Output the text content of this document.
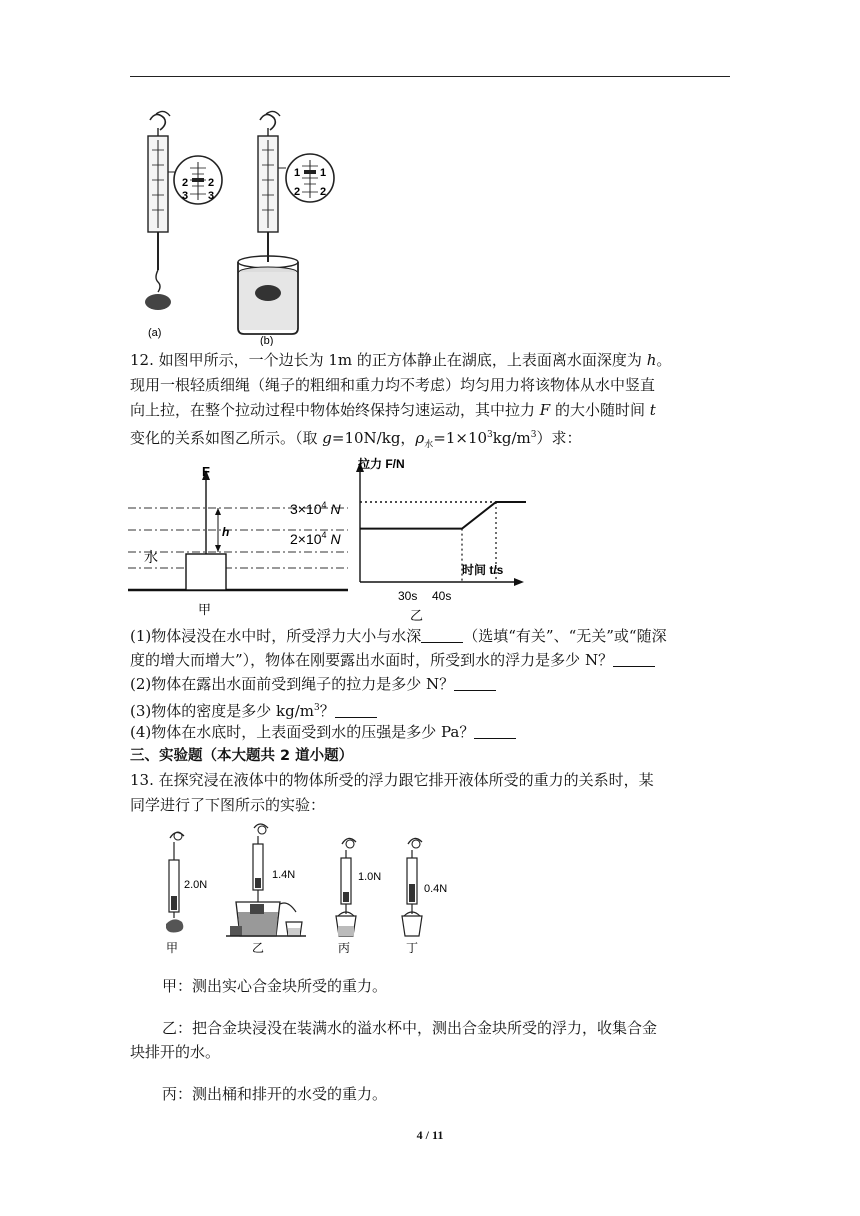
2 2
3 3
(a)
1 1
2 2
(b)
12. 如图甲所示，一个边长为 1m 的正方体静止在湖底，上表面离水面深度为 h。
现用一根轻质细绳（绳子的粗细和重力均不考虑）均匀用力将该物体从水中竖直
向上拉，在整个拉动过程中物体始终保持匀速运动，其中拉力 F 的大小随时间 t
变化的关系如图乙所示。（取 g=10N/kg，$\rho_水=1\times 10^3kg/m^3$）求：
F
h
水
甲
拉力 F/N
时间 t/s
$3\times 10^4$ N
$2\times 10^4$ N
30s 40s
乙
(1)物体浸没在水中时，所受浮力大小与水深	（选填“有关”、“无关”或“随深
度的增大而增大”），物体在刚要露出水面时，所受到水的浮力是多少 N？
(2)物体在露出水面前受到绳子的拉力是多少 N？
(3)物体的密度是多少 $kg/m^3$？
(4)物体在水底时，上表面受到水的压强是多少 Pa？
三、实验题（本大题共 2 道小题）
13. 在探究浸在液体中的物体所受的浮力跟它排开液体所受的重力的关系时，某
同学进行了下图所示的实验：
2.0N
甲
1.4N
乙
1.0N
丙
0.4N
丁
甲：测出实心合金块所受的重力。
乙：把合金块浸没在装满水的溢水杯中，测出合金块所受的浮力，收集合金
块排开的水。
丙：测出桶和排开的水受的重力。
4 / 11
